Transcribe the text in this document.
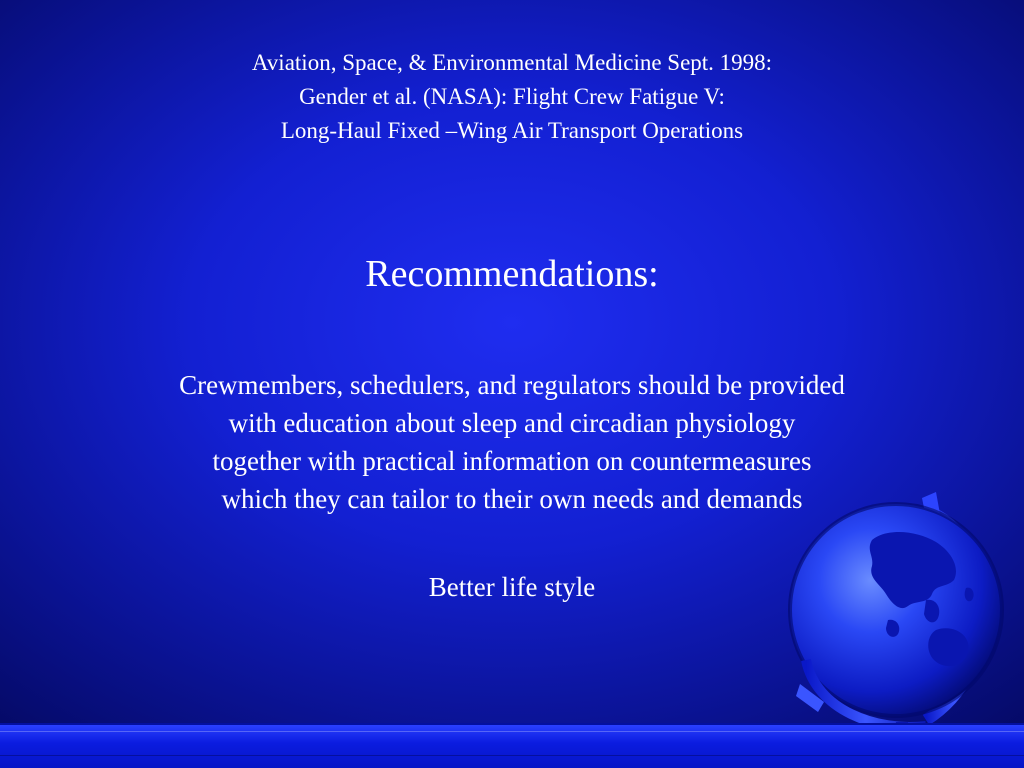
Aviation, Space, & Environmental Medicine Sept. 1998:
Gender et al. (NASA): Flight Crew Fatigue V:
Long-Haul Fixed –Wing Air Transport Operations
Recommendations:
Crewmembers, schedulers, and regulators should be provided
with education about sleep and circadian physiology
together with practical information on countermeasures
which they can tailor to their own needs and demands
Better life style
